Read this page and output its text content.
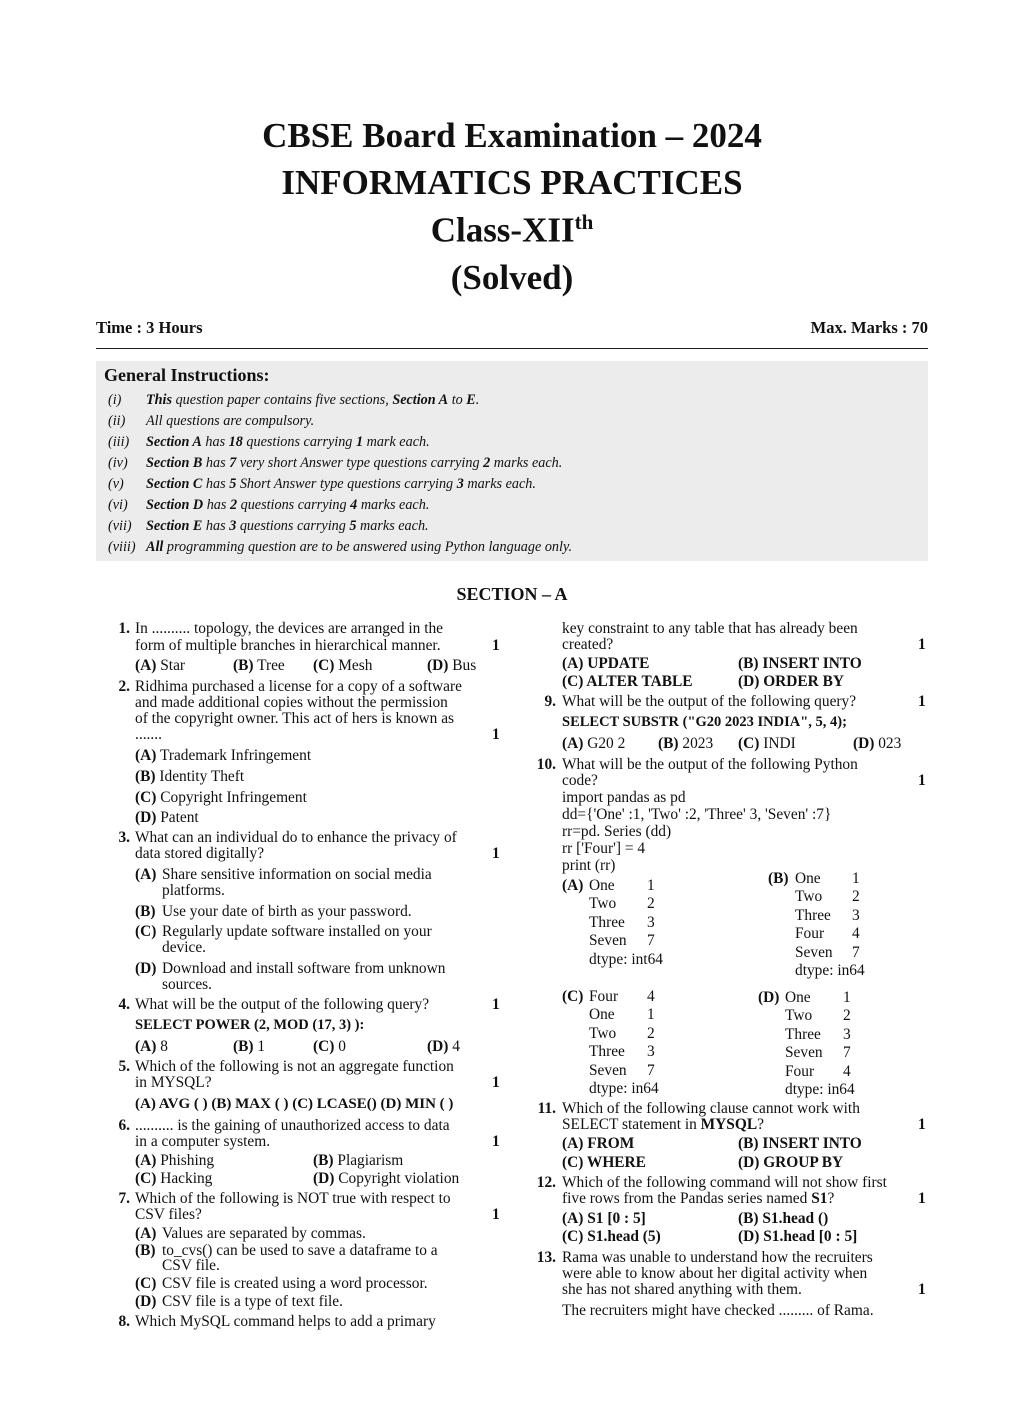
CBSE Board Examination – 2024
INFORMATICS PRACTICES
Class-XIIth
(Solved)
Time : 3 Hours	Max. Marks : 70
General Instructions:
(i) This question paper contains five sections, Section A to E.
(ii) All questions are compulsory.
(iii) Section A has 18 questions carrying 1 mark each.
(iv) Section B has 7 very short Answer type questions carrying 2 marks each.
(v) Section C has 5 Short Answer type questions carrying 3 marks each.
(vi) Section D has 2 questions carrying 4 marks each.
(vii) Section E has 3 questions carrying 5 marks each.
(viii) All programming question are to be answered using Python language only.
SECTION – A
1. In .......... topology, the devices are arranged in the
form of multiple branches in hierarchical manner.	1
(A) Star	(B) Tree (C) Mesh	(D) Bus
2. Ridhima purchased a license for a copy of a software
and made additional copies without the permission
of the copyright owner. This act of hers is known as
.......	1
(A) Trademark Infringement
(B) Identity Theft
(C) Copyright Infringement
(D) Patent
3. What can an individual do to enhance the privacy of
data stored digitally?	1
(A) Share sensitive information on social media
platforms.
(B) Use your date of birth as your password.
(C) Regularly update software installed on your
device.
(D) Download and install software from unknown
sources.
4. What will be the output of the following query?	1
SELECT POWER (2, MOD (17, 3) ):
(A) 8	(B) 1	(C) 0	(D) 4
5. Which of the following is not an aggregate function
in MYSQL?	1
(A) AVG ( ) (B) MAX ( ) (C) LCASE() (D) MIN ( )
6. .......... is the gaining of unauthorized access to data
in a computer system.	1
(A) Phishing	(B) Plagiarism
(C) Hacking	(D) Copyright violation
7. Which of the following is NOT true with respect to
CSV files?	1
(A) Values are separated by commas.
(B) to_cvs() can be used to save a dataframe to a
CSV file.
(C) CSV file is created using a word processor.
(D) CSV file is a type of text file.
8. Which MySQL command helps to add a primary
key constraint to any table that has already been
created?	1
(A) UPDATE	(B) INSERT INTO
(C) ALTER TABLE	(D) ORDER BY
9. What will be the output of the following query?	1
SELECT SUBSTR ("G20 2023 INDIA", 5, 4);
(A) G20 2 (B) 2023 (C) INDI	(D) 023
10. What will be the output of the following Python
code?	1
import pandas as pd
dd={'One' :1, 'Two' :2, 'Three' 3, 'Seven' :7}
rr=pd. Series (dd)
rr ['Four'] = 4
print (rr)
(A) One 1
Two 2
Three 3
Seven 7
dtype: int64
(B) One 1
Two 2
Three 3
Four 4
Seven 7
dtype: in64
(C) Four 4
One 1
Two 2
Three 3
Seven 7
dtype: in64
(D) One 1
Two 2
Three 3
Seven 7
Four 4
dtype: in64
11. Which of the following clause cannot work with
SELECT statement in MYSQL?	1
(A) FROM	(B) INSERT INTO
(C) WHERE	(D) GROUP BY
12. Which of the following command will not show first
five rows from the Pandas series named S1?	1
(A) S1 [0 : 5]	(B) S1.head ()
(C) S1.head (5)	(D) S1.head [0 : 5]
13. Rama was unable to understand how the recruiters
were able to know about her digital activity when
she has not shared anything with them.	1
The recruiters might have checked ......... of Rama.
